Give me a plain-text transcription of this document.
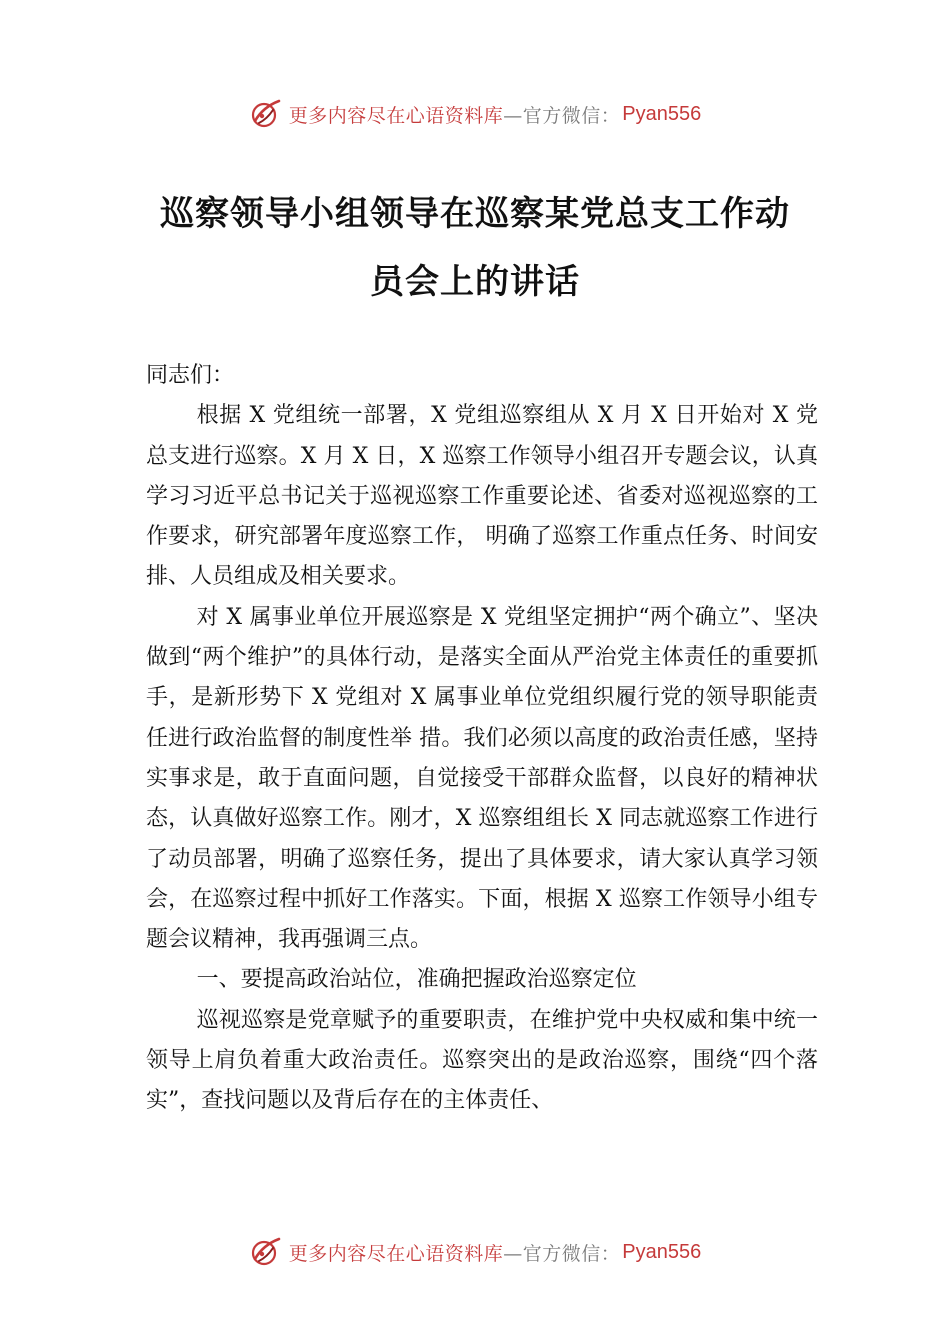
更多内容尽在心语资料库 —官方微信： Pyan556
巡察领导小组领导在巡察某党总支工作动
员会上的讲话

同志们：

根据 X 党组统一部署，X 党组巡察组从 X 月 X 日开始对 X 党总支进行巡察。X 月 X 日，X 巡察工作领导小组召开专题会议，认真学习习近平总书记关于巡视巡察工作重要论述、省委对巡视巡察的工作要求，研究部署年度巡察工作， 明确了巡察工作重点任务、时间安排、人员组成及相关要求。

对 X 属事业单位开展巡察是 X 党组坚定拥护“两个确立”、坚决做到“两个维护”的具体行动，是落实全面从严治党主体责任的重要抓手，是新形势下 X 党组对 X 属事业单位党组织履行党的领导职能责任进行政治监督的制度性举 措。我们必须以高度的政治责任感，坚持实事求是，敢于直面问题，自觉接受干部群众监督，以良好的精神状态，认真做好巡察工作。刚才，X 巡察组组长 X 同志就巡察工作进行了动员部署，明确了巡察任务，提出了具体要求，请大家认真学习领会，在巡察过程中抓好工作落实。下面，根据 X 巡察工作领导小组专题会议精神，我再强调三点。

一、要提高政治站位，准确把握政治巡察定位

巡视巡察是党章赋予的重要职责，在维护党中央权威和集中统一领导上肩负着重大政治责任。巡察突出的是政治巡察，围绕“四个落实”，查找问题以及背后存在的主体责任、

更多内容尽在心语资料库 —官方微信： Pyan556
